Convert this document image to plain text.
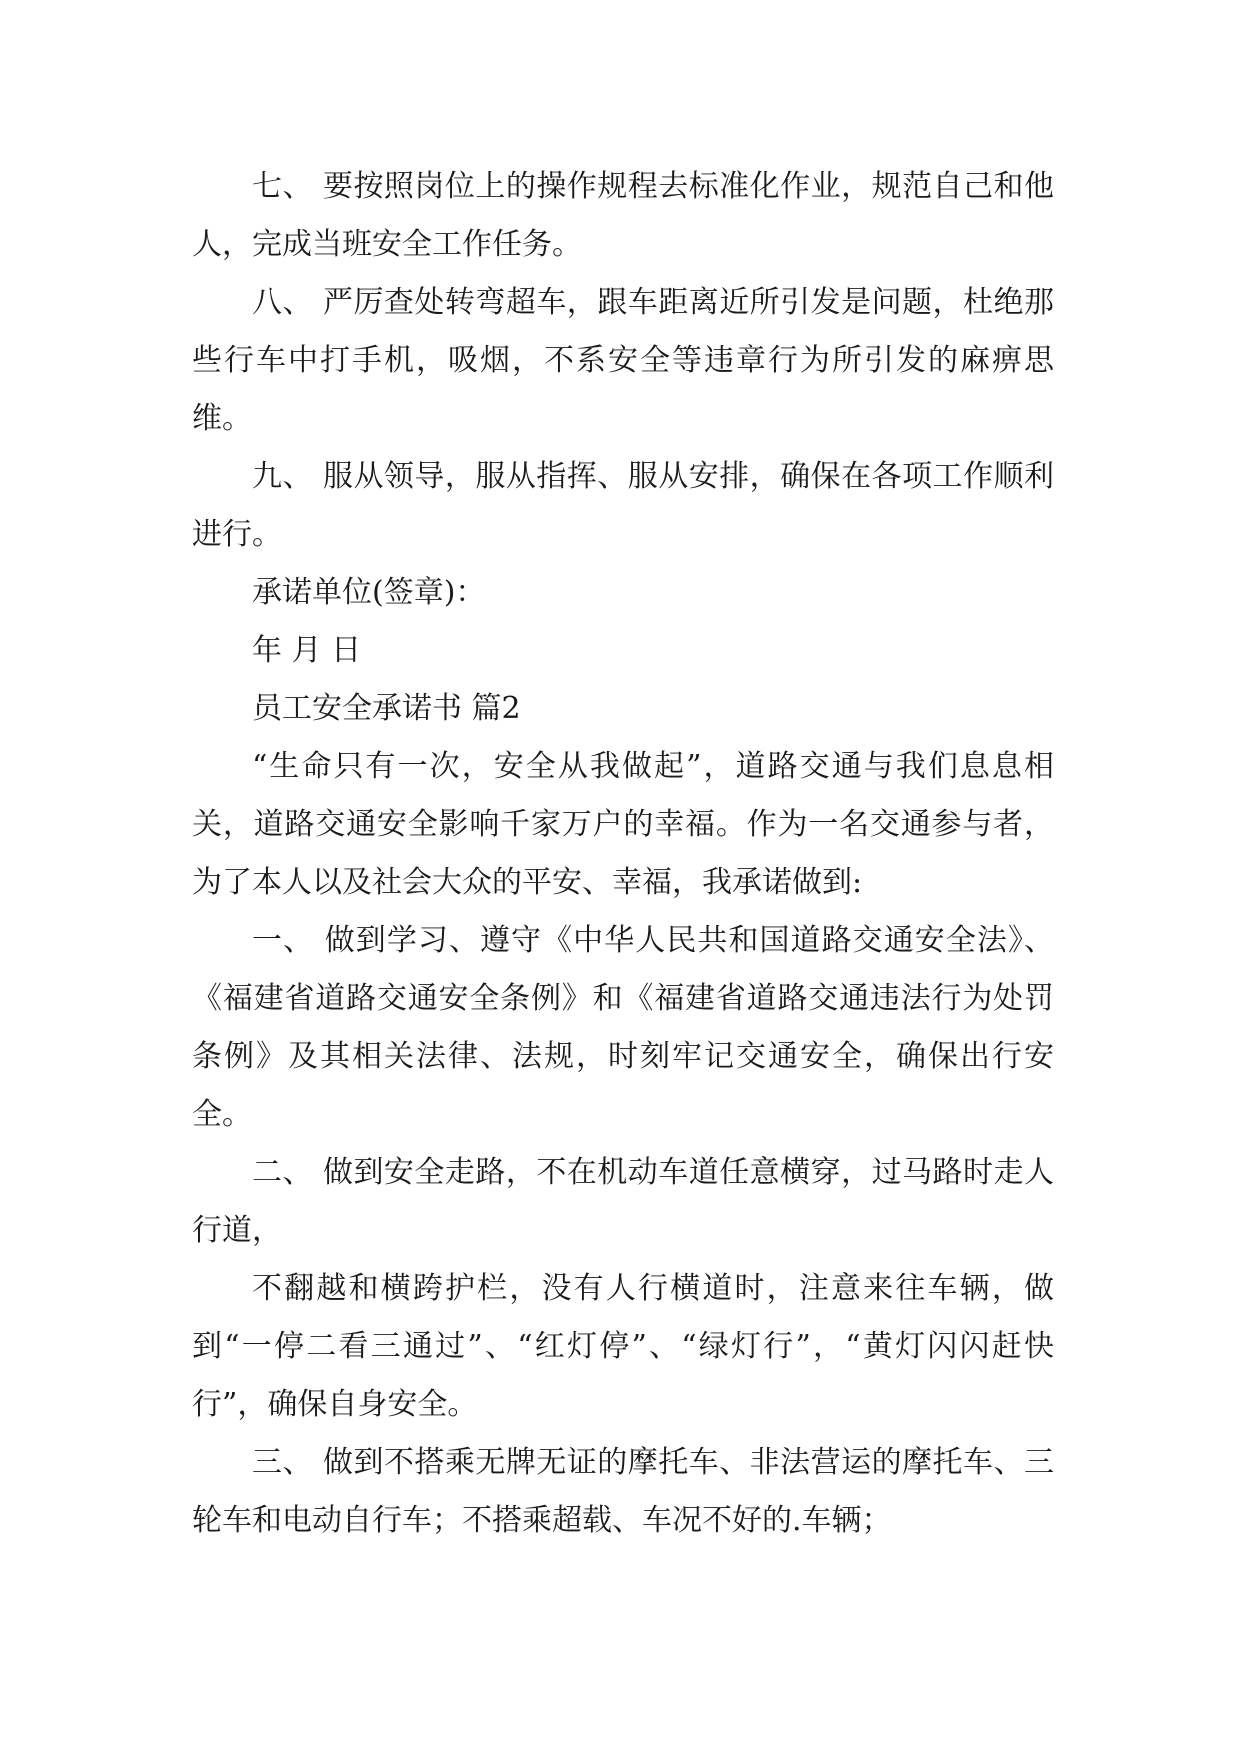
七、 要按照岗位上的操作规程去标准化作业，规范自己和他人，完成当班安全工作任务。

八、 严厉查处转弯超车，跟车距离近所引发是问题，杜绝那些行车中打手机，吸烟，不系安全等违章行为所引发的麻痹思维。

九、 服从领导，服从指挥、服从安排，确保在各项工作顺利进行。

承诺单位(签章)：

年 月 日

员工安全承诺书 篇2

“生命只有一次，安全从我做起”，道路交通与我们息息相关，道路交通安全影响千家万户的幸福。作为一名交通参与者，为了本人以及社会大众的平安、幸福，我承诺做到:

一、 做到学习、遵守《中华人民共和国道路交通安全法》、《福建省道路交通安全条例》和《福建省道路交通违法行为处罚条例》及其相关法律、法规，时刻牢记交通安全，确保出行安全。

二、 做到安全走路，不在机动车道任意横穿，过马路时走人行道，

不翻越和横跨护栏，没有人行横道时，注意来往车辆，做到“一停二看三通过”、“红灯停”、“绿灯行”，“黄灯闪闪赶快行”，确保自身安全。

三、 做到不搭乘无牌无证的摩托车、非法营运的摩托车、三轮车和电动自行车；不搭乘超载、车况不好的.车辆；
